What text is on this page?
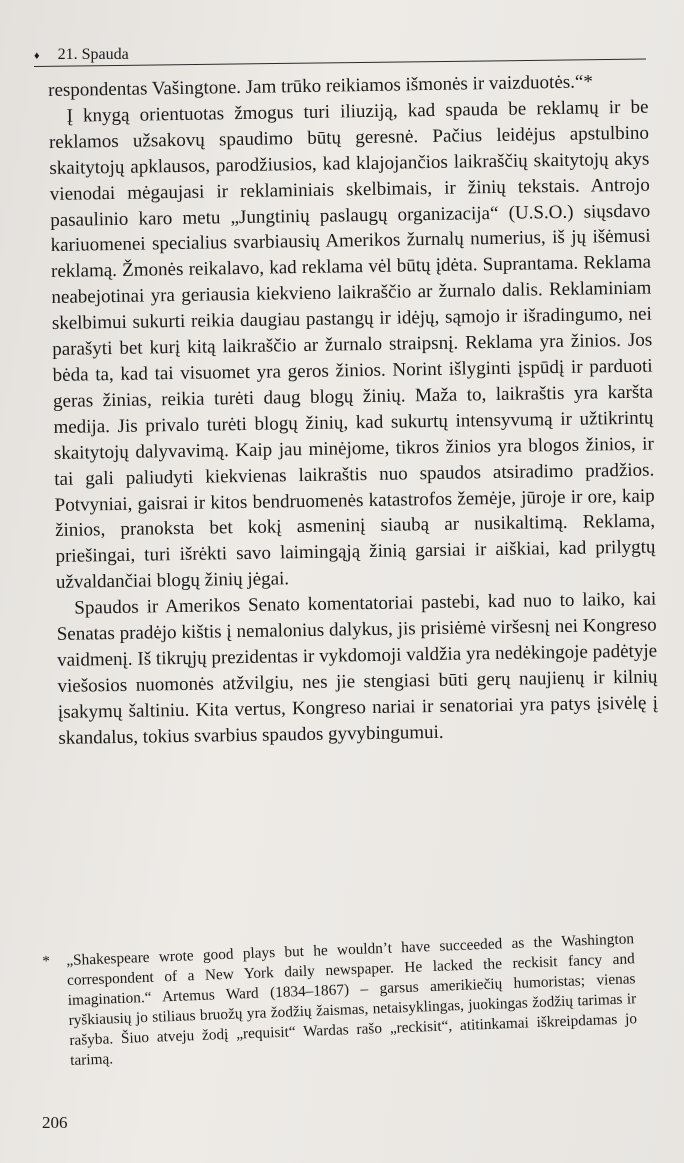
♦ 21. Spauda

respondentas Vašingtone. Jam trūko reikiamos išmonės ir vaizduotės.“*

Į knygą orientuotas žmogus turi iliuziją, kad spauda be reklamų ir be reklamos užsakovų spaudimo būtų geresnė. Pačius leidėjus apstulbino skaitytojų apklausos, parodžiusios, kad klajojančios laikraščių skaitytojų akys vienodai mėgaujasi ir reklaminiais skelbimais, ir žinių tekstais. Antrojo pasaulinio karo metu „Jungtinių paslaugų organizacija“ (U.S.O.) siųsdavo kariuomenei specialius svarbiausių Amerikos žurnalų numerius, iš jų išėmusi reklamą. Žmonės reikalavo, kad reklama vėl būtų įdėta. Suprantama. Reklama neabejotinai yra geriausia kiekvieno laikraščio ar žurnalo dalis. Reklaminiam skelbimui sukurti reikia daugiau pastangų ir idėjų, sąmojo ir išradingumo, nei parašyti bet kurį kitą laikraščio ar žurnalo straipsnį. Reklama yra žinios. Jos bėda ta, kad tai visuomet yra geros žinios. Norint išlyginti įspūdį ir parduoti geras žinias, reikia turėti daug blogų žinių. Maža to, laikraštis yra karšta medija. Jis privalo turėti blogų žinių, kad sukurtų intensyvumą ir užtikrintų skaitytojų dalyvavimą. Kaip jau minėjome, tikros žinios yra blogos žinios, ir tai gali paliudyti kiekvienas laikraštis nuo spaudos atsiradimo pradžios. Potvyniai, gaisrai ir kitos bendruomenės katastrofos žemėje, jūroje ir ore, kaip žinios, pranoksta bet kokį asmeninį siaubą ar nusikaltimą. Reklama, priešingai, turi išrėkti savo laimingąją žinią garsiai ir aiškiai, kad prilygtų užvaldančiai blogų žinių jėgai.

Spaudos ir Amerikos Senato komentatoriai pastebi, kad nuo to laiko, kai Senatas pradėjo kištis į nemalonius dalykus, jis prisiėmė viršesnį nei Kongreso vaidmenį. Iš tikrųjų prezidentas ir vykdomoji valdžia yra nedėkingoje padėtyje viešosios nuomonės atžvilgiu, nes jie stengiasi būti gerų naujienų ir kilnių įsakymų šaltiniu. Kita vertus, Kongreso nariai ir senatoriai yra patys įsivėlę į skandalus, tokius svarbius spaudos gyvybingumui.

*	„Shakespeare wrote good plays but he wouldn’t have succeeded as the Washington correspondent of a New York daily newspaper. He lacked the reckisit fancy and imagination.“ Artemus Ward (1834–1867) – garsus amerikiečių humoristas; vienas ryškiausių jo stiliaus bruožų yra žodžių žaismas, netaisyklingas, juokingas žodžių tarimas ir rašyba. Šiuo atveju žodį „requisit“ Wardas rašo „reckisit“, atitinkamai iškreipdamas jo tarimą.
206
